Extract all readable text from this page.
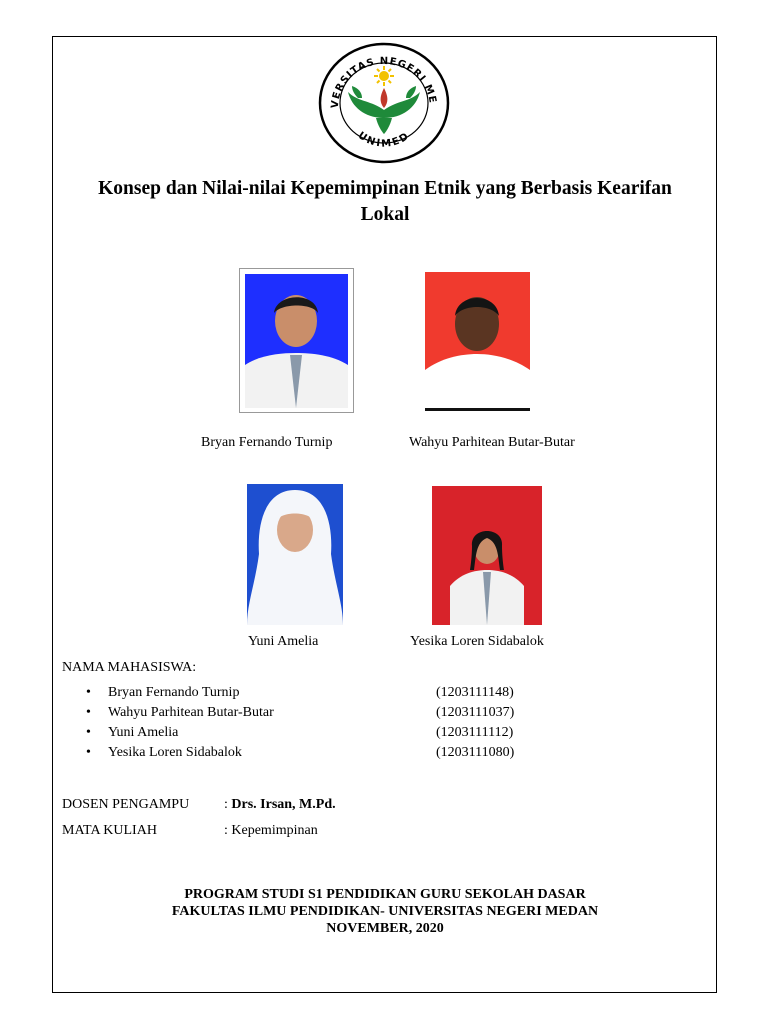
VERSITAS NEGERI ME
UNIMED
Konsep dan Nilai-nilai Kepemimpinan Etnik yang Berbasis Kearifan
Lokal
Bryan Fernando Turnip	Wahyu Parhitean Butar-Butar
Yuni Amelia	Yesika Loren Sidabalok
NAMA MAHASISWA:
• Bryan Fernando Turnip	(1203111148)
• Wahyu Parhitean Butar-Butar	(1203111037)
• Yuni Amelia	(1203111112)
• Yesika Loren Sidabalok	(1203111080)
DOSEN PENGAMPU : Drs. Irsan, M.Pd.
MATA KULIAH	: Kepemimpinan
PROGRAM STUDI S1 PENDIDIKAN GURU SEKOLAH DASAR
FAKULTAS ILMU PENDIDIKAN- UNIVERSITAS NEGERI MEDAN
NOVEMBER, 2020
